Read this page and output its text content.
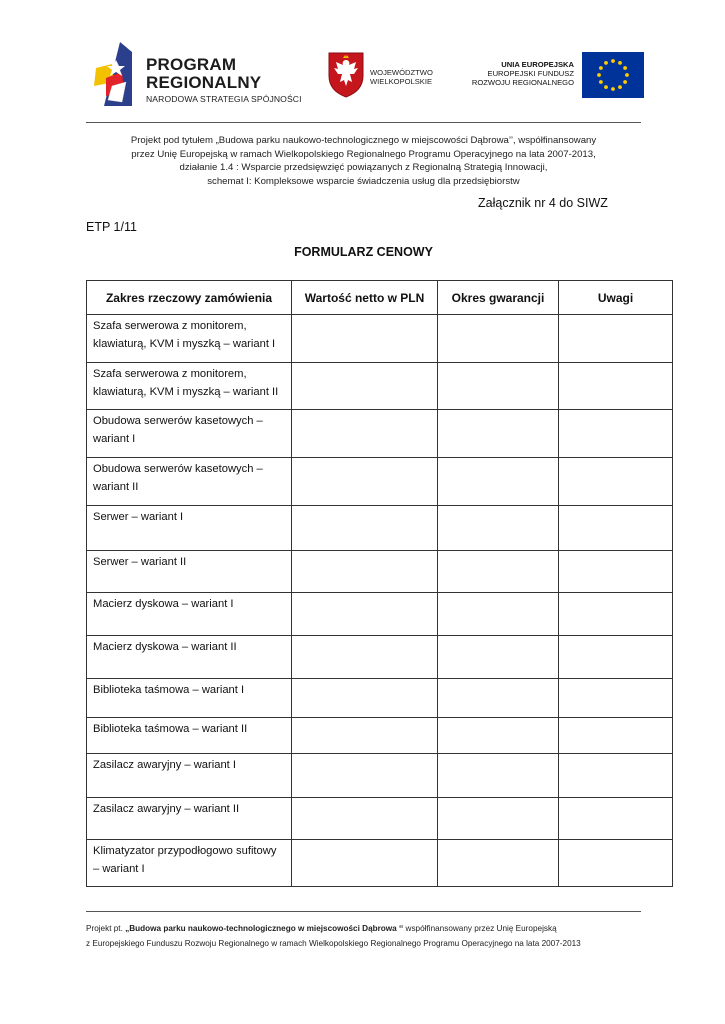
PROGRAM
REGIONALNY
NARODOWA STRATEGIA SPÓJNOŚCI
WOJEWÓDZTWO
WIELKOPOLSKIE
UNIA EUROPEJSKA
EUROPEJSKI FUNDUSZ
ROZWOJU REGIONALNEGO
Projekt pod tytułem „Budowa parku naukowo-technologicznego w miejscowości Dąbrowa’’, współfinansowany
przez Unię Europejską w ramach Wielkopolskiego Regionalnego Programu Operacyjnego na lata 2007-2013,
działanie 1.4 : Wsparcie przedsięwzięć powiązanych z Regionalną Strategią Innowacji,
schemat I: Kompleksowe wsparcie świadczenia usług dla przedsiębiorstw
Załącznik nr 4 do SIWZ
ETP 1/11
FORMULARZ CENOWY
Zakres rzeczowy zamówienia	Wartość netto w PLN	Okres gwarancji	Uwagi

Szafa serwerowa z monitorem,
klawiaturą, KVM i myszką – wariant I			

Szafa serwerowa z monitorem,
klawiaturą, KVM i myszką – wariant II			

Obudowa serwerów kasetowych –
wariant I			

Obudowa serwerów kasetowych –
wariant II			

Serwer – wariant I			

Serwer – wariant II			

Macierz dyskowa – wariant I			

Macierz dyskowa – wariant II			

Biblioteka taśmowa – wariant I			

Biblioteka taśmowa – wariant II			

Zasilacz awaryjny – wariant I			

Zasilacz awaryjny – wariant II			

Klimatyzator przypodłogowo sufitowy
– wariant I			

Projekt pt. „Budowa parku naukowo-technologicznego w miejscowości Dąbrowa ‘‘ współfinansowany przez Unię Europejską
z Europejskiego Funduszu Rozwoju Regionalnego w ramach Wielkopolskiego Regionalnego Programu Operacyjnego na lata 2007-2013
